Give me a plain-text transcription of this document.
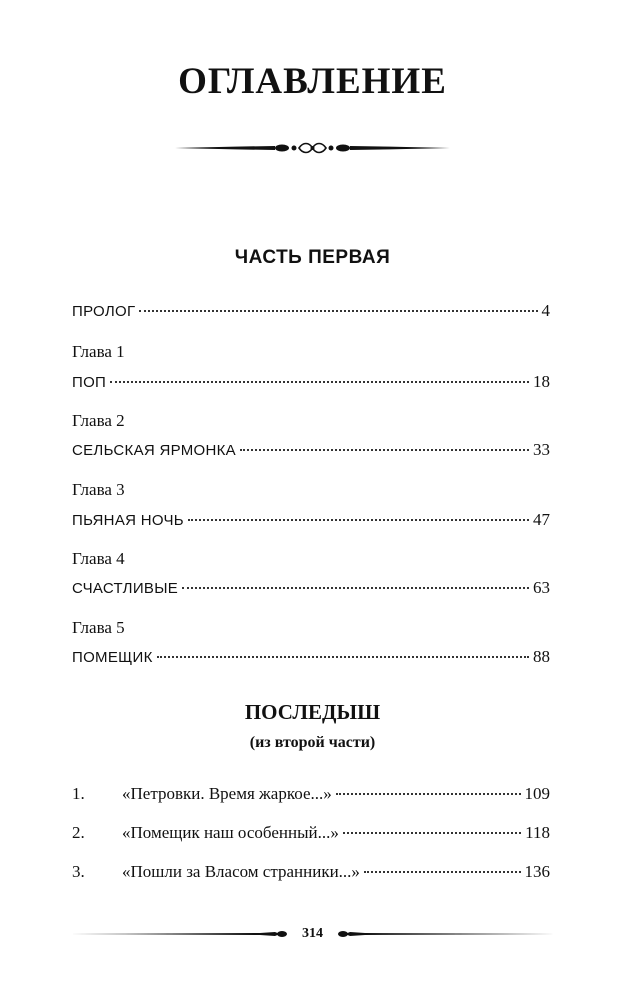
ОГЛАВЛЕНИЕ
ЧАСТЬ ПЕРВАЯ
ПРОЛОГ	4
Глава 1
ПОП	18
Глава 2
СЕЛЬСКАЯ ЯРМОНКА	33
Глава 3
ПЬЯНАЯ НОЧЬ	47
Глава 4
СЧАСТЛИВЫЕ	63
Глава 5
ПОМЕЩИК	88
ПОСЛЕДЫШ
(из второй части)
1.	«Петровки. Время жаркое...»	109
2.	«Помещик наш особенный...»	118
3.	«Пошли за Власом странники...»	136
314
